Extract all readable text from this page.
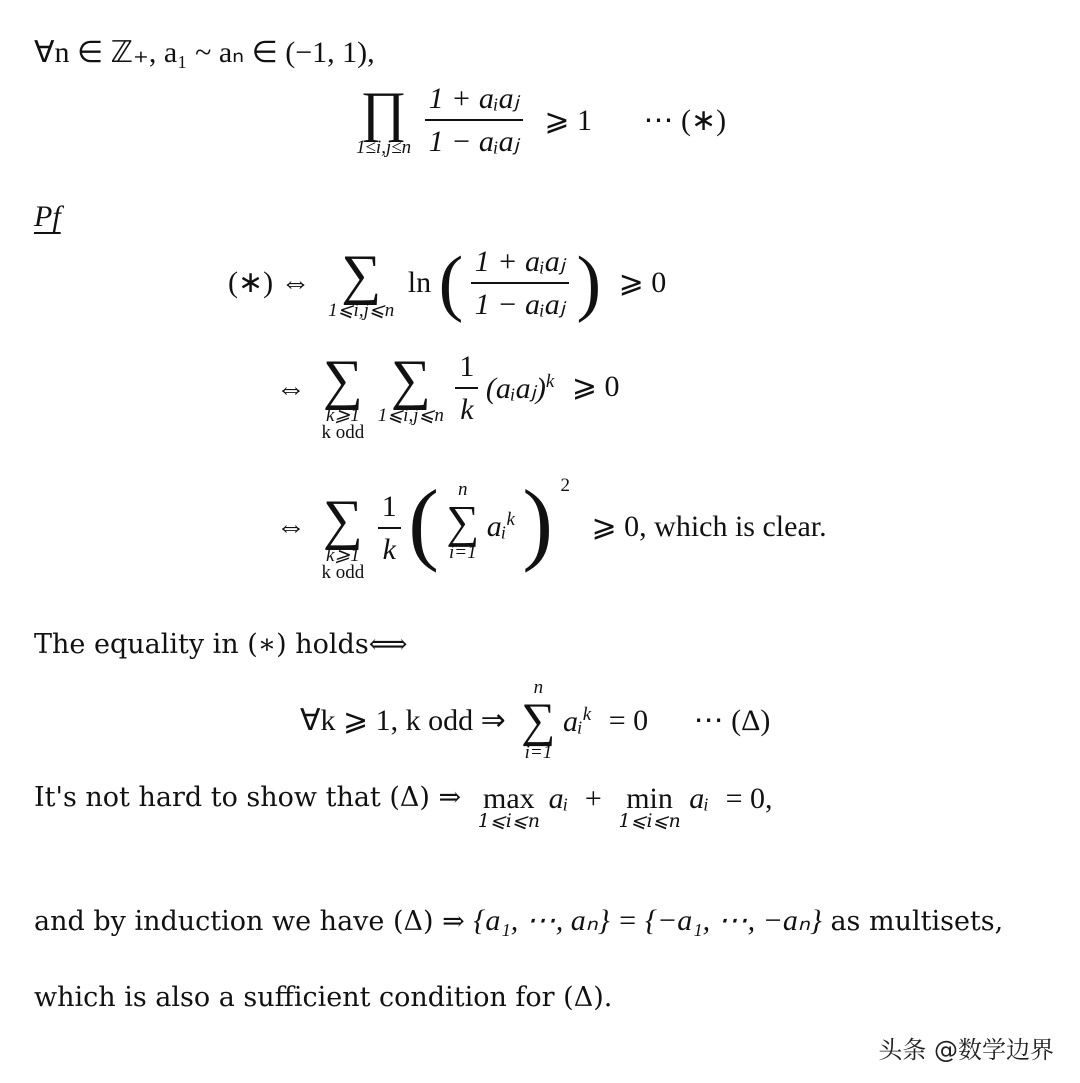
∀n ∈ ℤ₊, a₁ ~ aₙ ∈ (−1, 1),
∏
1≤i,j≤n
$\frac{\text{1 + aᵢaⱼ}}{\text{1 − aᵢaⱼ}}$ ⩾ 1 ⋯ (∗)
Pf
(∗) ⇔ ∑
1⩽i,j⩽n
ln ( $\frac{\text{1 + aᵢaⱼ}}{\text{1 − aᵢaⱼ}}$ ) ⩾ 0
⇔ ∑
k⩾1
k odd

∑
1⩽i,j⩽n
$\frac{1}{k}$ (aᵢaⱼ)$^k$ ⩾ 0
⇔ ∑
k⩾1
k odd

$\frac{1}{k}$ (	n
∑
i=1
aᵢ$^k$ ) $^2$ ⩾ 0, which is clear.
The equality in (∗) holds⟺
∀k ⩾ 1, k odd ⇒
n
∑
i=1
aᵢ$^k$ = 0 ⋯ (Δ)
It's not hard to show that (Δ) ⇒ max
1⩽i⩽n
aᵢ + min
1⩽i⩽n
aᵢ = 0,
and by induction we have (Δ) ⇒ {a₁, ⋯, aₙ} = {−a₁, ⋯, −aₙ} as multisets,
which is also a sufficient condition for (Δ).
头条 @数学边界
